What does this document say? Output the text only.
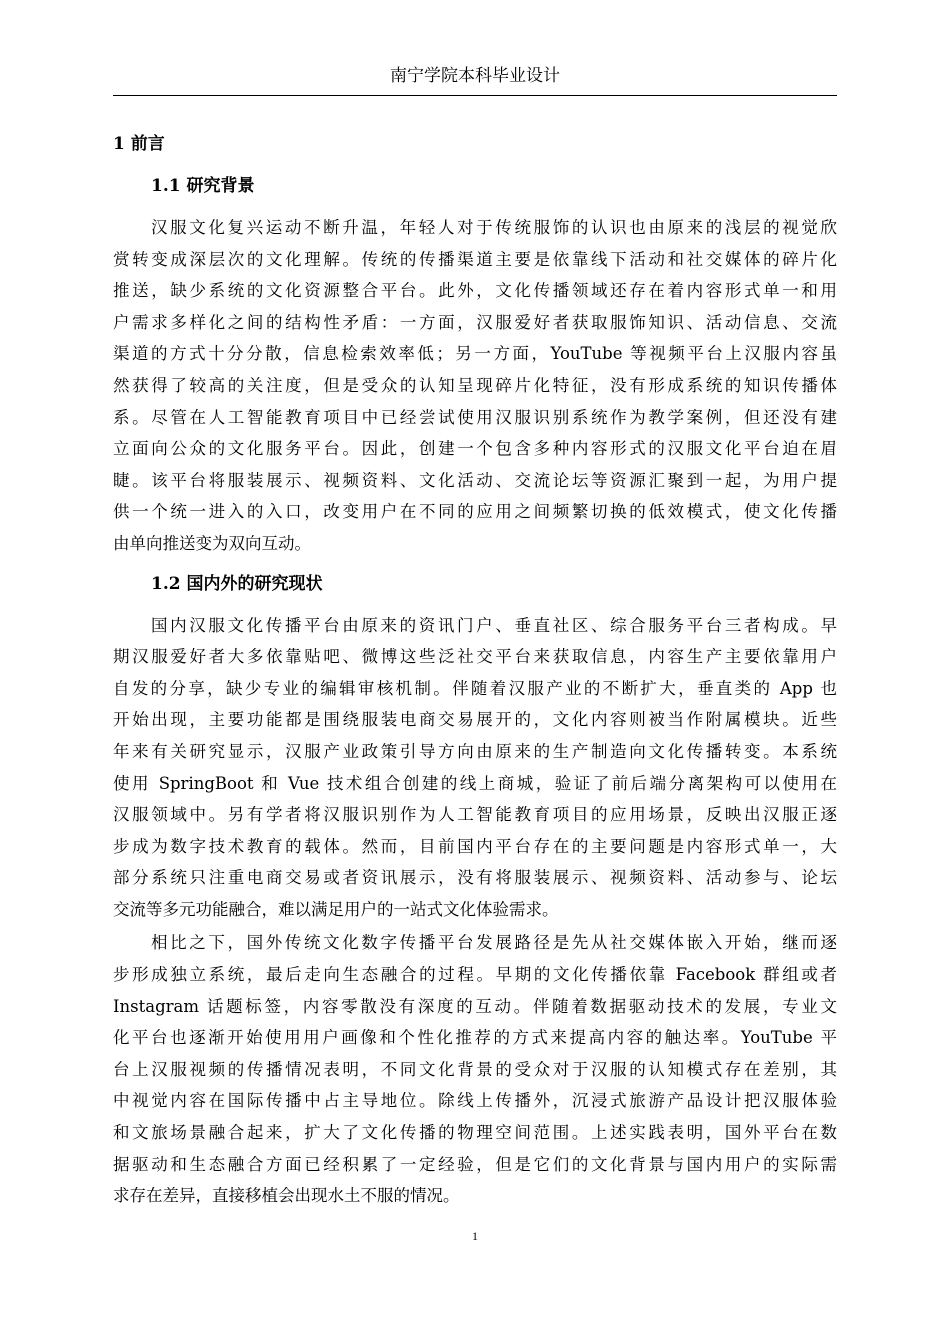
南宁学院本科毕业设计
1 前言
1.1 研究背景
汉服文化复兴运动不断升温，年轻人对于传统服饰的认识也由原来的浅层的视觉欣
赏转变成深层次的文化理解。传统的传播渠道主要是依靠线下活动和社交媒体的碎片化
推送，缺少系统的文化资源整合平台。此外，文化传播领域还存在着内容形式单一和用
户需求多样化之间的结构性矛盾：一方面，汉服爱好者获取服饰知识、活动信息、交流
渠道的方式十分分散，信息检索效率低；另一方面，YouTube 等视频平台上汉服内容虽
然获得了较高的关注度，但是受众的认知呈现碎片化特征，没有形成系统的知识传播体
系。尽管在人工智能教育项目中已经尝试使用汉服识别系统作为教学案例，但还没有建
立面向公众的文化服务平台。因此，创建一个包含多种内容形式的汉服文化平台迫在眉
睫。该平台将服装展示、视频资料、文化活动、交流论坛等资源汇聚到一起，为用户提
供一个统一进入的入口，改变用户在不同的应用之间频繁切换的低效模式，使文化传播
由单向推送变为双向互动。
1.2 国内外的研究现状
国内汉服文化传播平台由原来的资讯门户、垂直社区、综合服务平台三者构成。早
期汉服爱好者大多依靠贴吧、微博这些泛社交平台来获取信息，内容生产主要依靠用户
自发的分享，缺少专业的编辑审核机制。伴随着汉服产业的不断扩大，垂直类的 App 也
开始出现，主要功能都是围绕服装电商交易展开的，文化内容则被当作附属模块。近些
年来有关研究显示，汉服产业政策引导方向由原来的生产制造向文化传播转变。本系统
使用 SpringBoot 和 Vue 技术组合创建的线上商城，验证了前后端分离架构可以使用在
汉服领域中。另有学者将汉服识别作为人工智能教育项目的应用场景，反映出汉服正逐
步成为数字技术教育的载体。然而，目前国内平台存在的主要问题是内容形式单一，大
部分系统只注重电商交易或者资讯展示，没有将服装展示、视频资料、活动参与、论坛
交流等多元功能融合，难以满足用户的一站式文化体验需求。
相比之下，国外传统文化数字传播平台发展路径是先从社交媒体嵌入开始，继而逐
步形成独立系统，最后走向生态融合的过程。早期的文化传播依靠 Facebook 群组或者
Instagram 话题标签，内容零散没有深度的互动。伴随着数据驱动技术的发展，专业文
化平台也逐渐开始使用用户画像和个性化推荐的方式来提高内容的触达率。YouTube 平
台上汉服视频的传播情况表明，不同文化背景的受众对于汉服的认知模式存在差别，其
中视觉内容在国际传播中占主导地位。除线上传播外，沉浸式旅游产品设计把汉服体验
和文旅场景融合起来，扩大了文化传播的物理空间范围。上述实践表明，国外平台在数
据驱动和生态融合方面已经积累了一定经验，但是它们的文化背景与国内用户的实际需
求存在差异，直接移植会出现水土不服的情况。
1
